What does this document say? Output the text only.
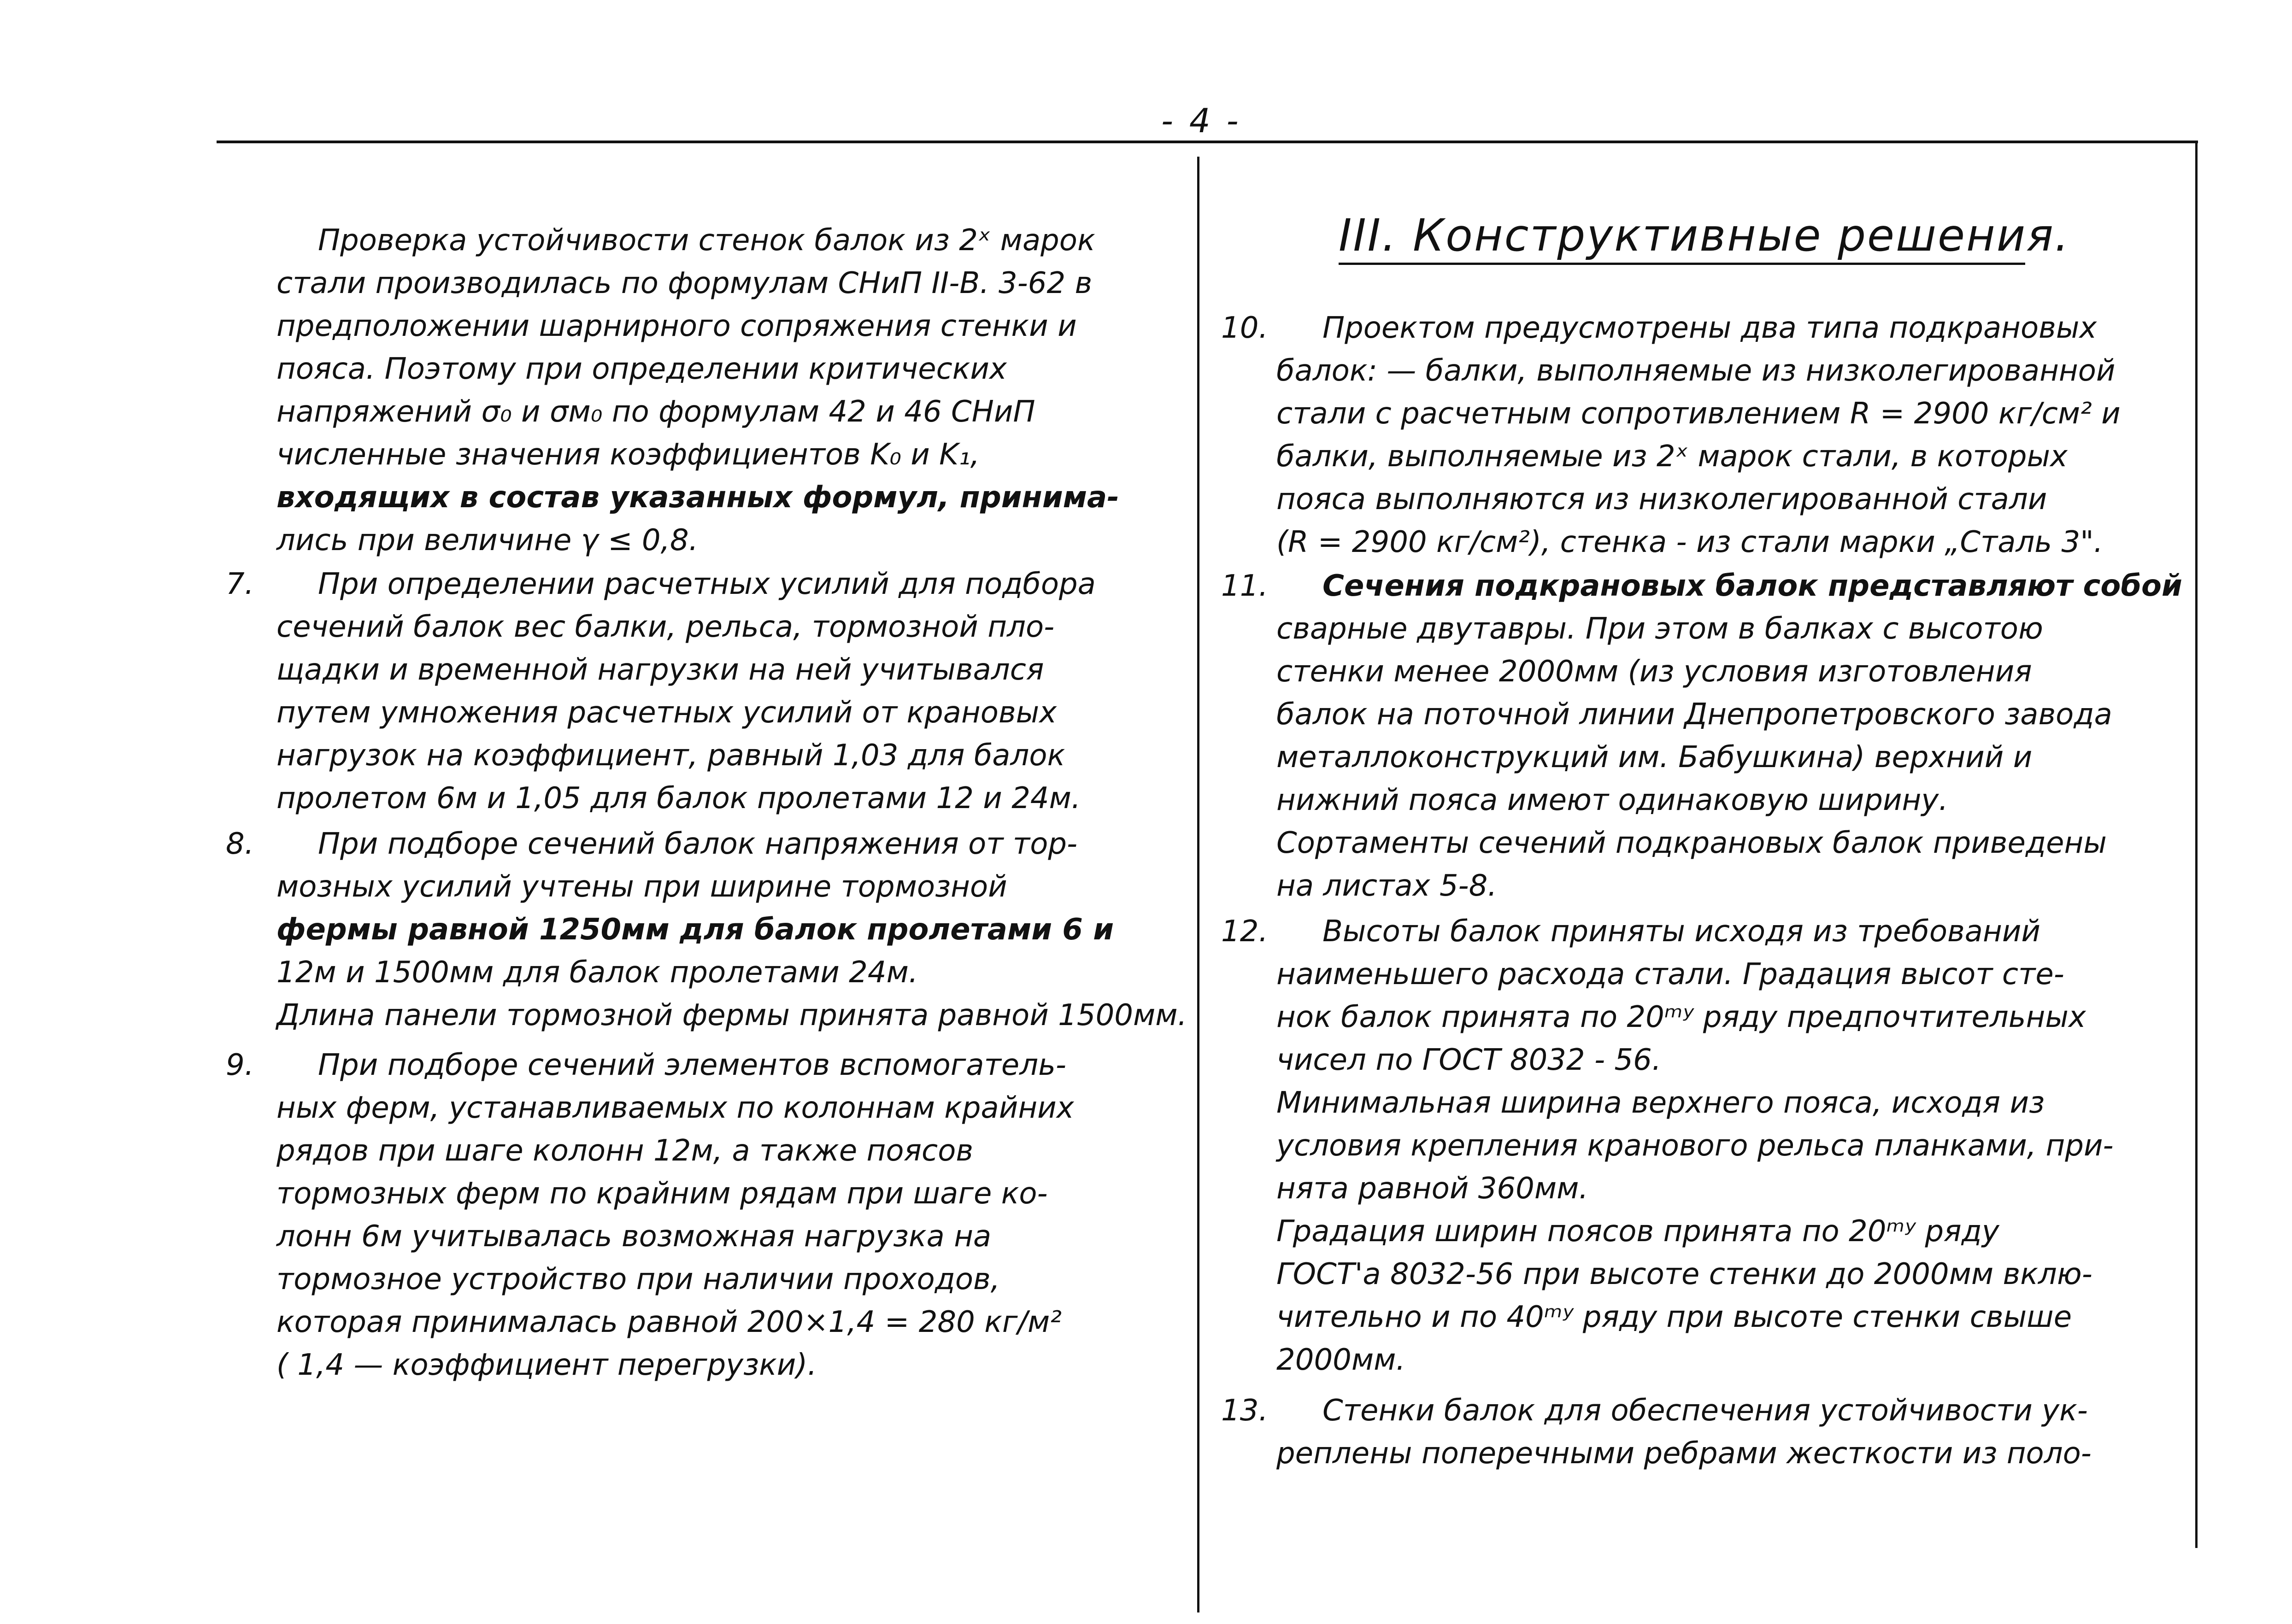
- 4 -
Проверка устойчивости стенок балок из 2ˣ марок
стали производилась по формулам СНиП II-В. 3-62 в
предположении шарнирного сопряжения стенки и
пояса. Поэтому при определении критических
напряжений σ₀ и σм₀ по формулам 42 и 46 СНиП
численные значения коэффициентов K₀ и K₁,
входящих в состав указанных формул, принима-
лись при величине γ ≤ 0,8.
7. При определении расчетных усилий для подбора
сечений балок вес балки, рельса, тормозной пло-
щадки и временной нагрузки на ней учитывался
путем умножения расчетных усилий от крановых
нагрузок на коэффициент, равный 1,03 для балок
пролетом 6м и 1,05 для балок пролетами 12 и 24м.
8. При подборе сечений балок напряжения от тор-
мозных усилий учтены при ширине тормозной
фермы равной 1250мм для балок пролетами 6 и
12м и 1500мм для балок пролетами 24м.
Длина панели тормозной фермы принята равной 1500мм.
9. При подборе сечений элементов вспомогатель-
ных ферм, устанавливаемых по колоннам крайних
рядов при шаге колонн 12м, а также поясов
тормозных ферм по крайним рядам при шаге ко-
лонн 6м учитывалась возможная нагрузка на
тормозное устройство при наличии проходов,
которая принималась равной 200×1,4 = 280 кг/м²
( 1,4 — коэффициент перегрузки).
III. Конструктивные решения.
10. Проектом предусмотрены два типа подкрановых
балок: — балки, выполняемые из низколегированной
стали с расчетным сопротивлением R = 2900 кг/см² и
балки, выполняемые из 2ˣ марок стали, в которых
пояса выполняются из низколегированной стали
(R = 2900 кг/см²), стенка - из стали марки „Сталь 3".
11. Сечения подкрановых балок представляют собой
сварные двутавры. При этом в балках с высотою
стенки менее 2000мм (из условия изготовления
балок на поточной линии Днепропетровского завода
металлоконструкций им. Бабушкина) верхний и
нижний пояса имеют одинаковую ширину.
Сортаменты сечений подкрановых балок приведены
на листах 5-8.
12. Высоты балок приняты исходя из требований
наименьшего расхода стали. Градация высот сте-
нок балок принята по 20ᵐʸ ряду предпочтительных
чисел по ГОСТ 8032 - 56.
Минимальная ширина верхнего пояса, исходя из
условия крепления кранового рельса планками, при-
нята равной 360мм.
Градация ширин поясов принята по 20ᵐʸ ряду
ГОСТ'а 8032-56 при высоте стенки до 2000мм вклю-
чительно и по 40ᵐʸ ряду при высоте стенки свыше
2000мм.
13. Стенки балок для обеспечения устойчивости ук-
реплены поперечными ребрами жесткости из поло-
